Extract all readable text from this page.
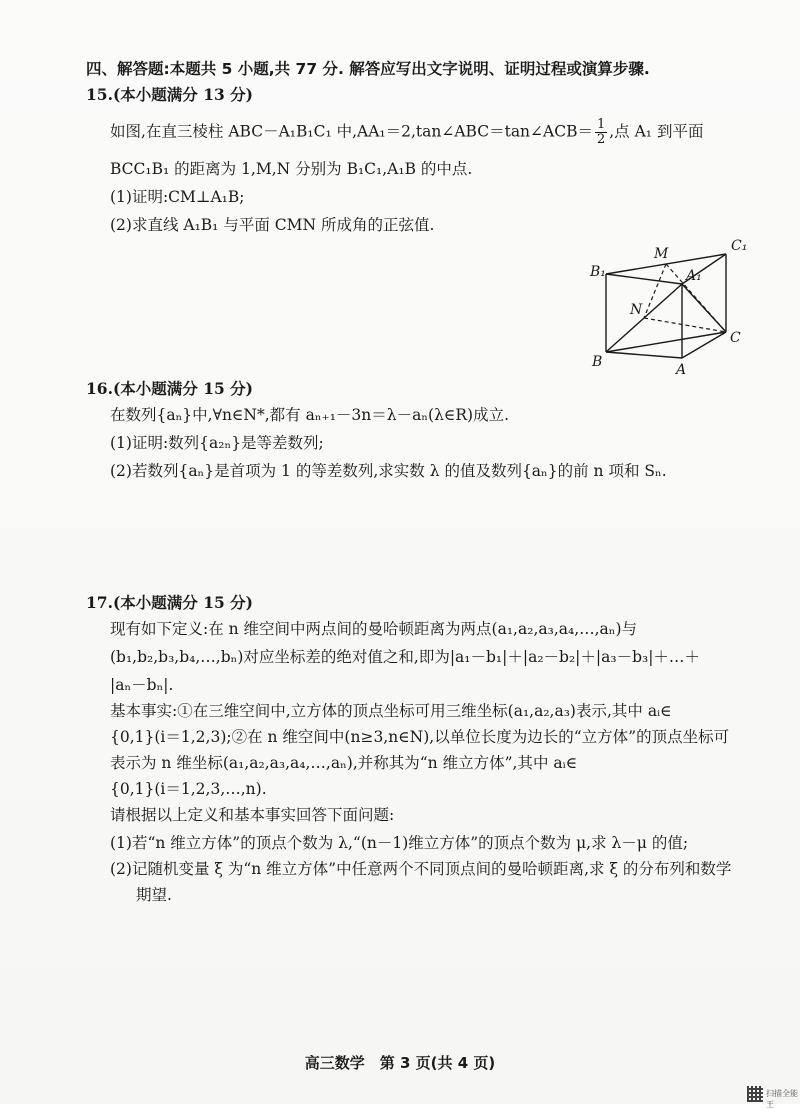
四、解答题:本题共 5 小题,共 77 分. 解答应写出文字说明、证明过程或演算步骤.
15.(本小题满分 13 分)
如图,在直三棱柱 ABC－A₁B₁C₁ 中,AA₁＝2,tan∠ABC＝tan∠ACB＝ $\frac{1}{2}$ ,点 A₁ 到平面
BCC₁B₁ 的距离为 1,M,N 分别为 B₁C₁,A₁B 的中点.
(1)证明:CM⊥A₁B;
(2)求直线 A₁B₁ 与平面 CMN 所成角的正弦值.
B₁
M	C₁
A₁
N
B	A
C
16.(本小题满分 15 分)
在数列{aₙ}中,∀n∈N*,都有 aₙ₊₁－3n＝λ－aₙ(λ∈R)成立.
(1)证明:数列{a₂ₙ}是等差数列;
(2)若数列{aₙ}是首项为 1 的等差数列,求实数 λ 的值及数列{aₙ}的前 n 项和 Sₙ.
17.(本小题满分 15 分)
现有如下定义:在 n 维空间中两点间的曼哈顿距离为两点(a₁,a₂,a₃,a₄,…,aₙ)与
(b₁,b₂,b₃,b₄,…,bₙ)对应坐标差的绝对值之和,即为|a₁－b₁|＋|a₂－b₂|＋|a₃－b₃|＋…＋
|aₙ－bₙ|.
基本事实:①在三维空间中,立方体的顶点坐标可用三维坐标(a₁,a₂,a₃)表示,其中 aᵢ∈
{0,1}(i＝1,2,3);②在 n 维空间中(n≥3,n∈N),以单位长度为边长的“立方体”的顶点坐标可
表示为 n 维坐标(a₁,a₂,a₃,a₄,…,aₙ),并称其为“n 维立方体”,其中 aᵢ∈
{0,1}(i＝1,2,3,…,n).
请根据以上定义和基本事实回答下面问题:
(1)若“n 维立方体”的顶点个数为 λ,“(n－1)维立方体”的顶点个数为 μ,求 λ－μ 的值;
(2)记随机变量 ξ 为“n 维立方体”中任意两个不同顶点间的曼哈顿距离,求 ξ 的分布列和数学
期望.
高三数学　第 3 页(共 4 页)
扫描全能王
